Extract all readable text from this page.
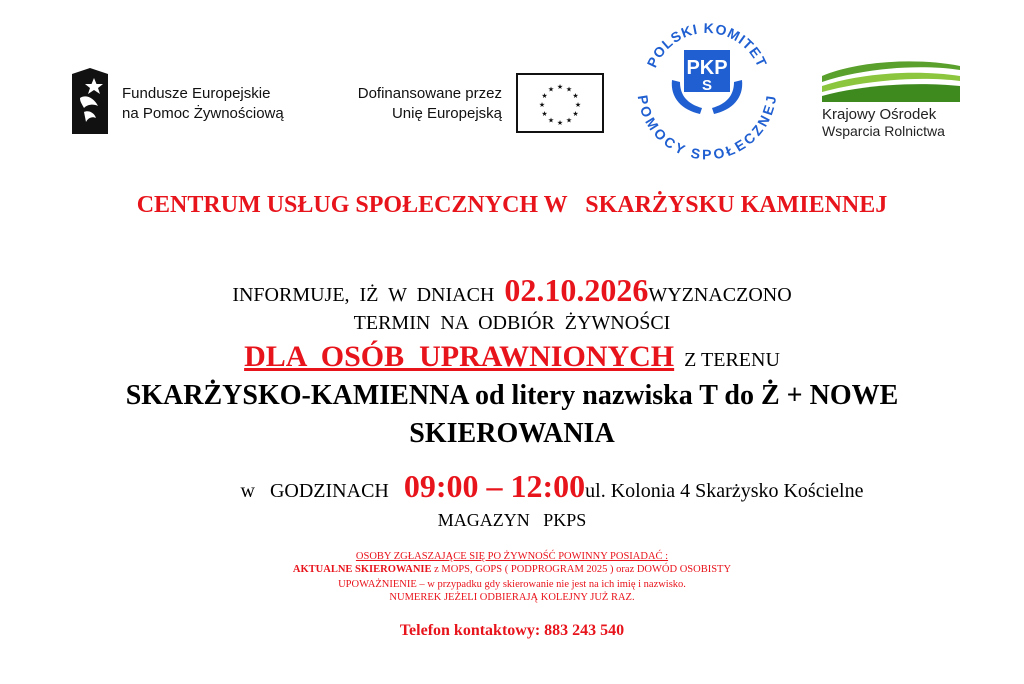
Fundusze Europejskie
na Pomoc Żywnościową
Dofinansowane przez
Unię Europejską
★ ★
★
★
★
★
★
★
★
★
★
★
POLSKI KOMITET
POMOCY SPOŁECZNEJ
PKP
S
Krajowy Ośrodek
Wsparcia Rolnictwa
CENTRUM USŁUG SPOŁECZNYCH W   SKARŻYSKU KAMIENNEJ
INFORMUJE,  IŻ  W  DNIACH  02.10.2026WYZNACZONO
TERMIN  NA  ODBIÓR  ŻYWNOŚCI
DLA  OSÓB  UPRAWNIONYCH  Z TERENU
SKARŻYSKO-KAMIENNA od litery nazwiska T do Ż + NOWE
SKIEROWANIA
w   GODZINACH   09:00 – 12:00ul. Kolonia 4 Skarżysko Kościelne
MAGAZYN   PKPS
OSOBY ZGŁASZAJĄCE SIĘ PO ŻYWNOŚĆ POWINNY POSIADAĆ :
AKTUALNE SKIEROWANIE z MOPS, GOPS ( PODPROGRAM 2025 ) oraz DOWÓD OSOBISTY
UPOWAŻNIENIE – w przypadku gdy skierowanie nie jest na ich imię i nazwisko.
NUMEREK JEŻELI ODBIERAJĄ KOLEJNY JUŻ RAZ.
Telefon kontaktowy: 883 243 540
